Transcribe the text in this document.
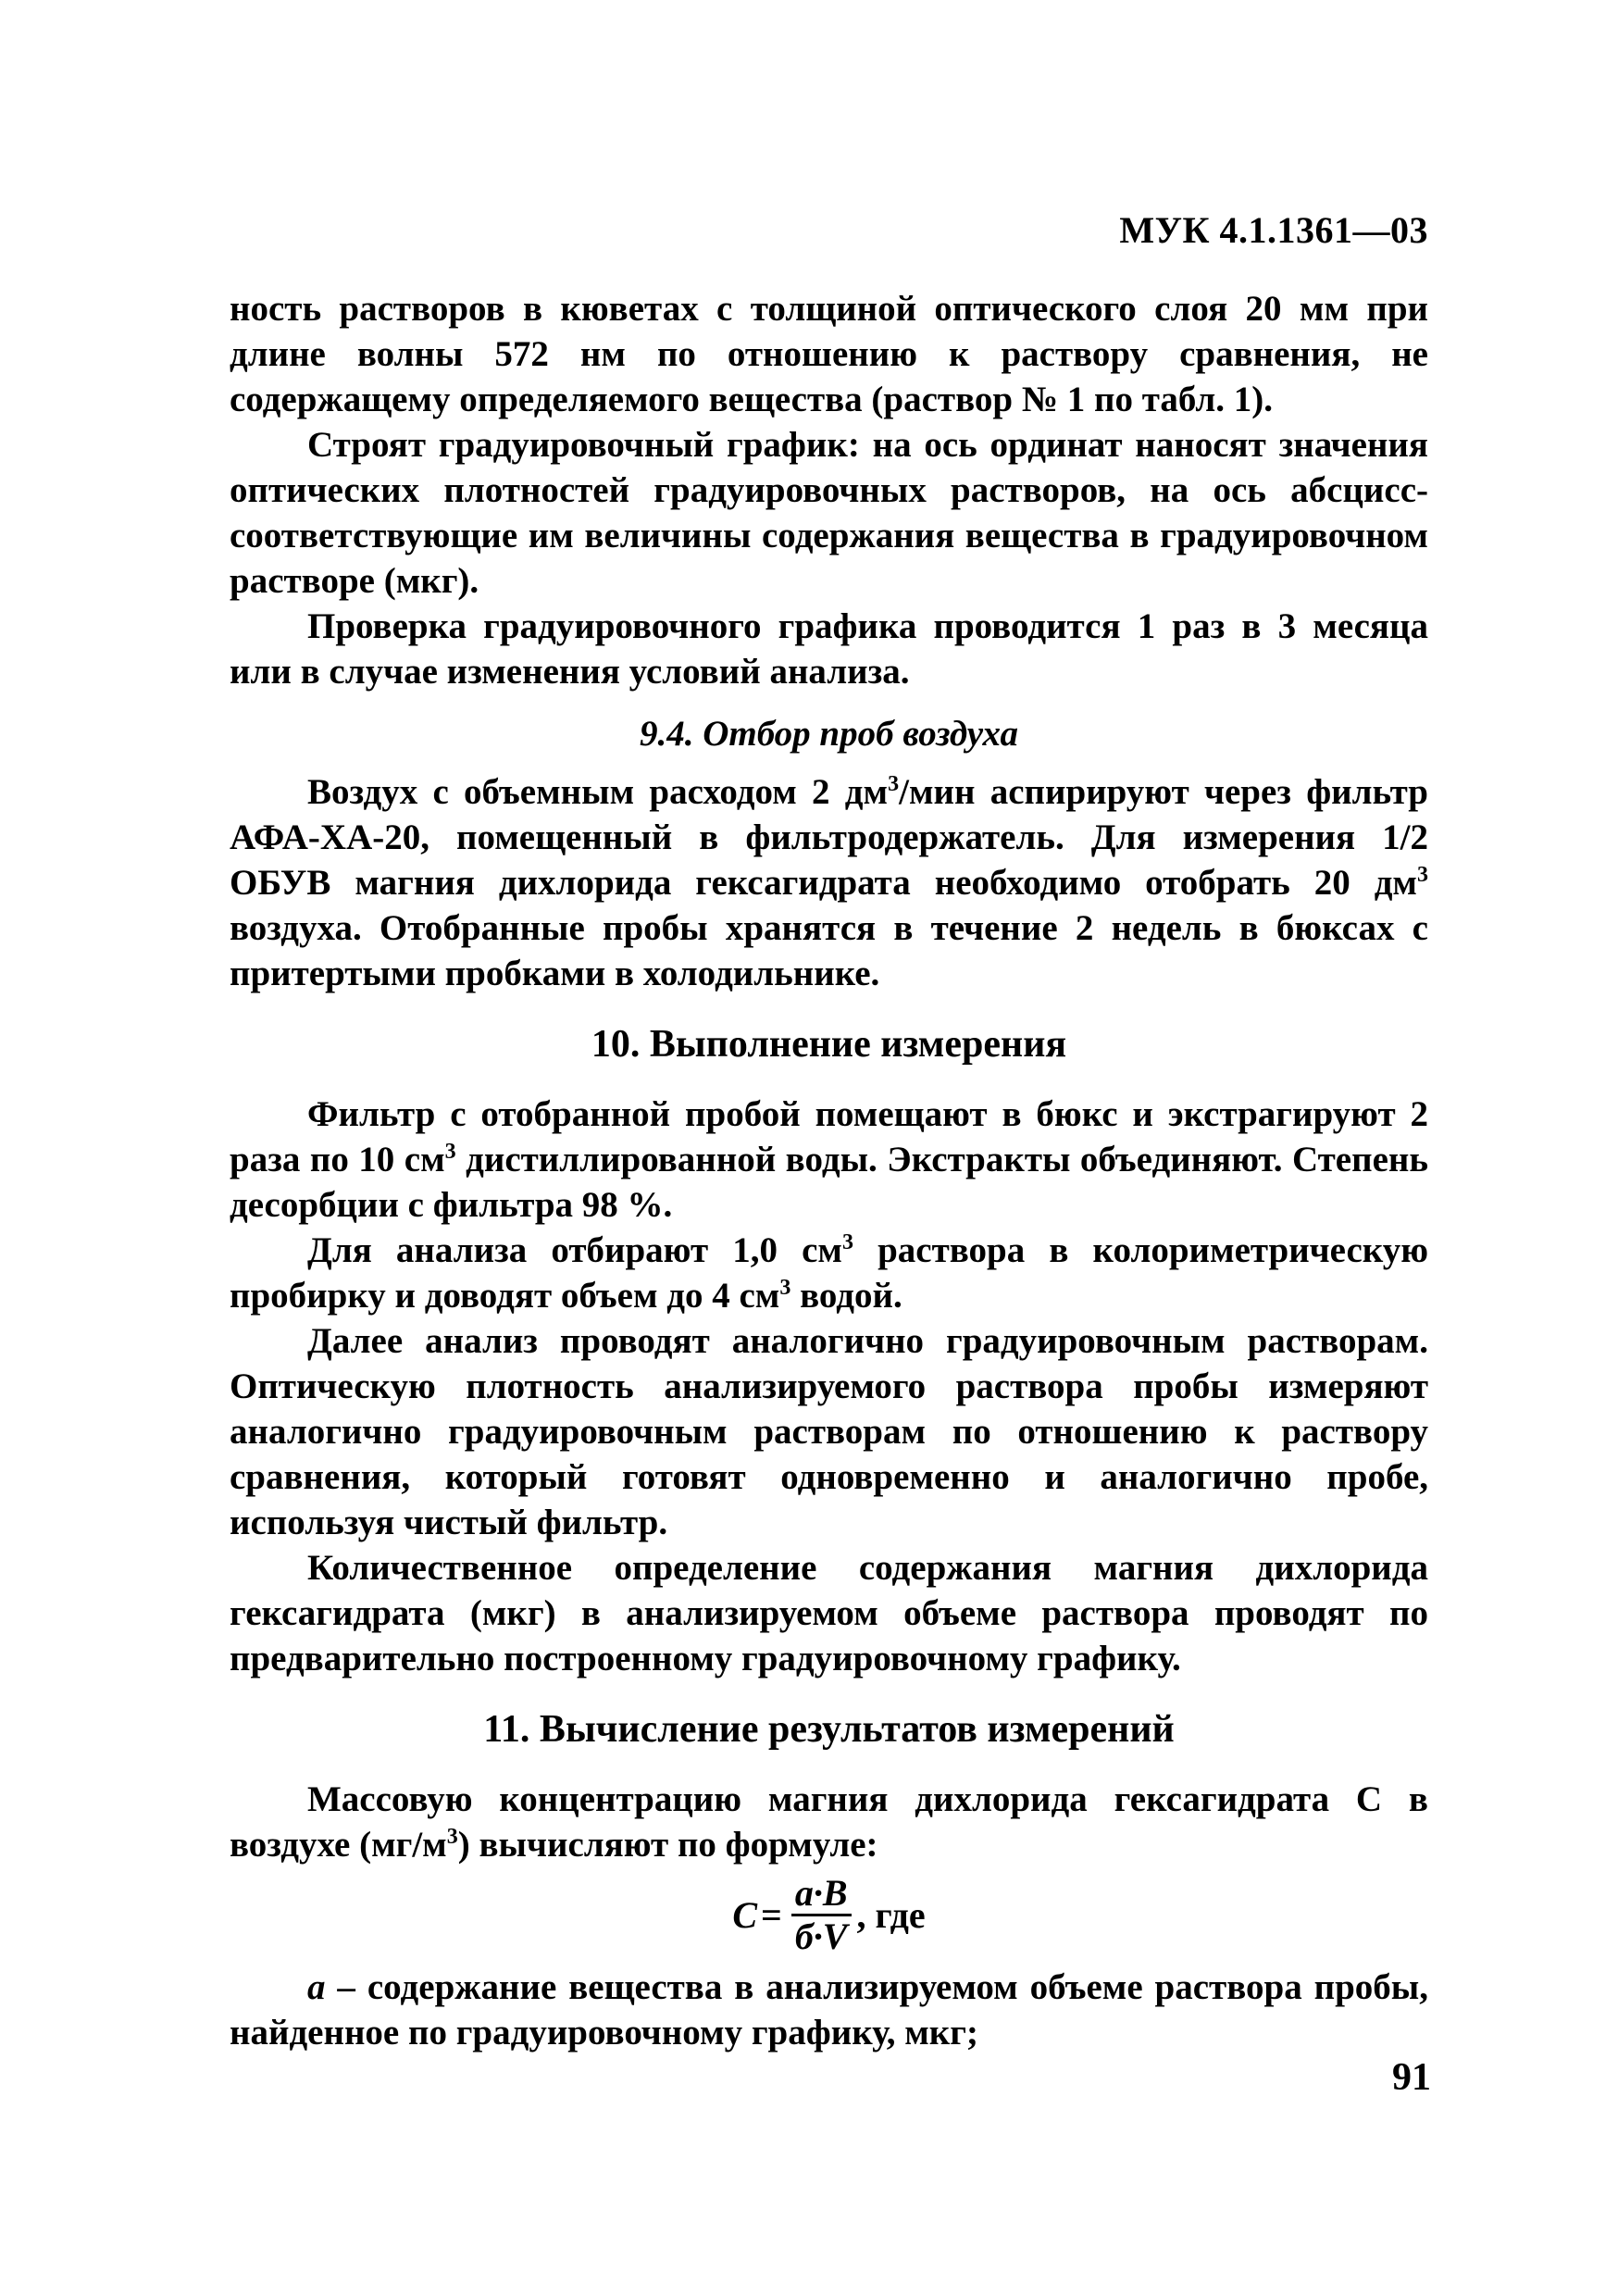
МУК 4.1.1361—03

ность растворов в кюветах с толщиной оптического слоя 20 мм при длине волны 572 нм по отношению к раствору сравнения, не содержащему определяемого вещества (раствор № 1 по табл. 1).

Строят градуировочный график: на ось ординат наносят значения оптических плотностей градуировочных растворов, на ось абсцисс-соответствующие им величины содержания вещества в градуировочном растворе (мкг).

Проверка градуировочного графика проводится 1 раз в 3 месяца или в случае изменения условий анализа.

9.4. Отбор проб воздуха

Воздух с объемным расходом 2 $дм^3$/мин аспирируют через фильтр АФА-ХА-20, помещенный в фильтродержатель. Для измерения 1/2 ОБУВ магния дихлорида гексагидрата необходимо отобрать 20 $дм^3$ воздуха. Отобранные пробы хранятся в течение 2 недель в бюксах с притертыми пробками в холодильнике.

10. Выполнение измерения

Фильтр с отобранной пробой помещают в бюкс и экстрагируют 2 раза по 10 $см^3$ дистиллированной воды. Экстракты объединяют. Степень десорбции с фильтра 98 %.

Для анализа отбирают 1,0 $см^3$ раствора в колориметрическую пробирку и доводят объем до 4 $см^3$ водой.

Далее анализ проводят аналогично градуировочным растворам. Оптическую плотность анализируемого раствора пробы измеряют аналогично градуировочным растворам по отношению к раствору сравнения, который готовят одновременно и аналогично пробе, используя чистый фильтр.

Количественное определение содержания магния дихлорида гексагидрата (мкг) в анализируемом объеме раствора проводят по предварительно построенному градуировочному графику.

11. Вычисление результатов измерений

Массовую концентрацию магния дихлорида гексагидрата С в воздухе $(мг/м^3)$ вычисляют по формуле:

$C = \frac{a\cdot B}{б\cdot V}$ , где

a – содержание вещества в анализируемом объеме раствора пробы, найденное по градуировочному графику, мкг;

91
